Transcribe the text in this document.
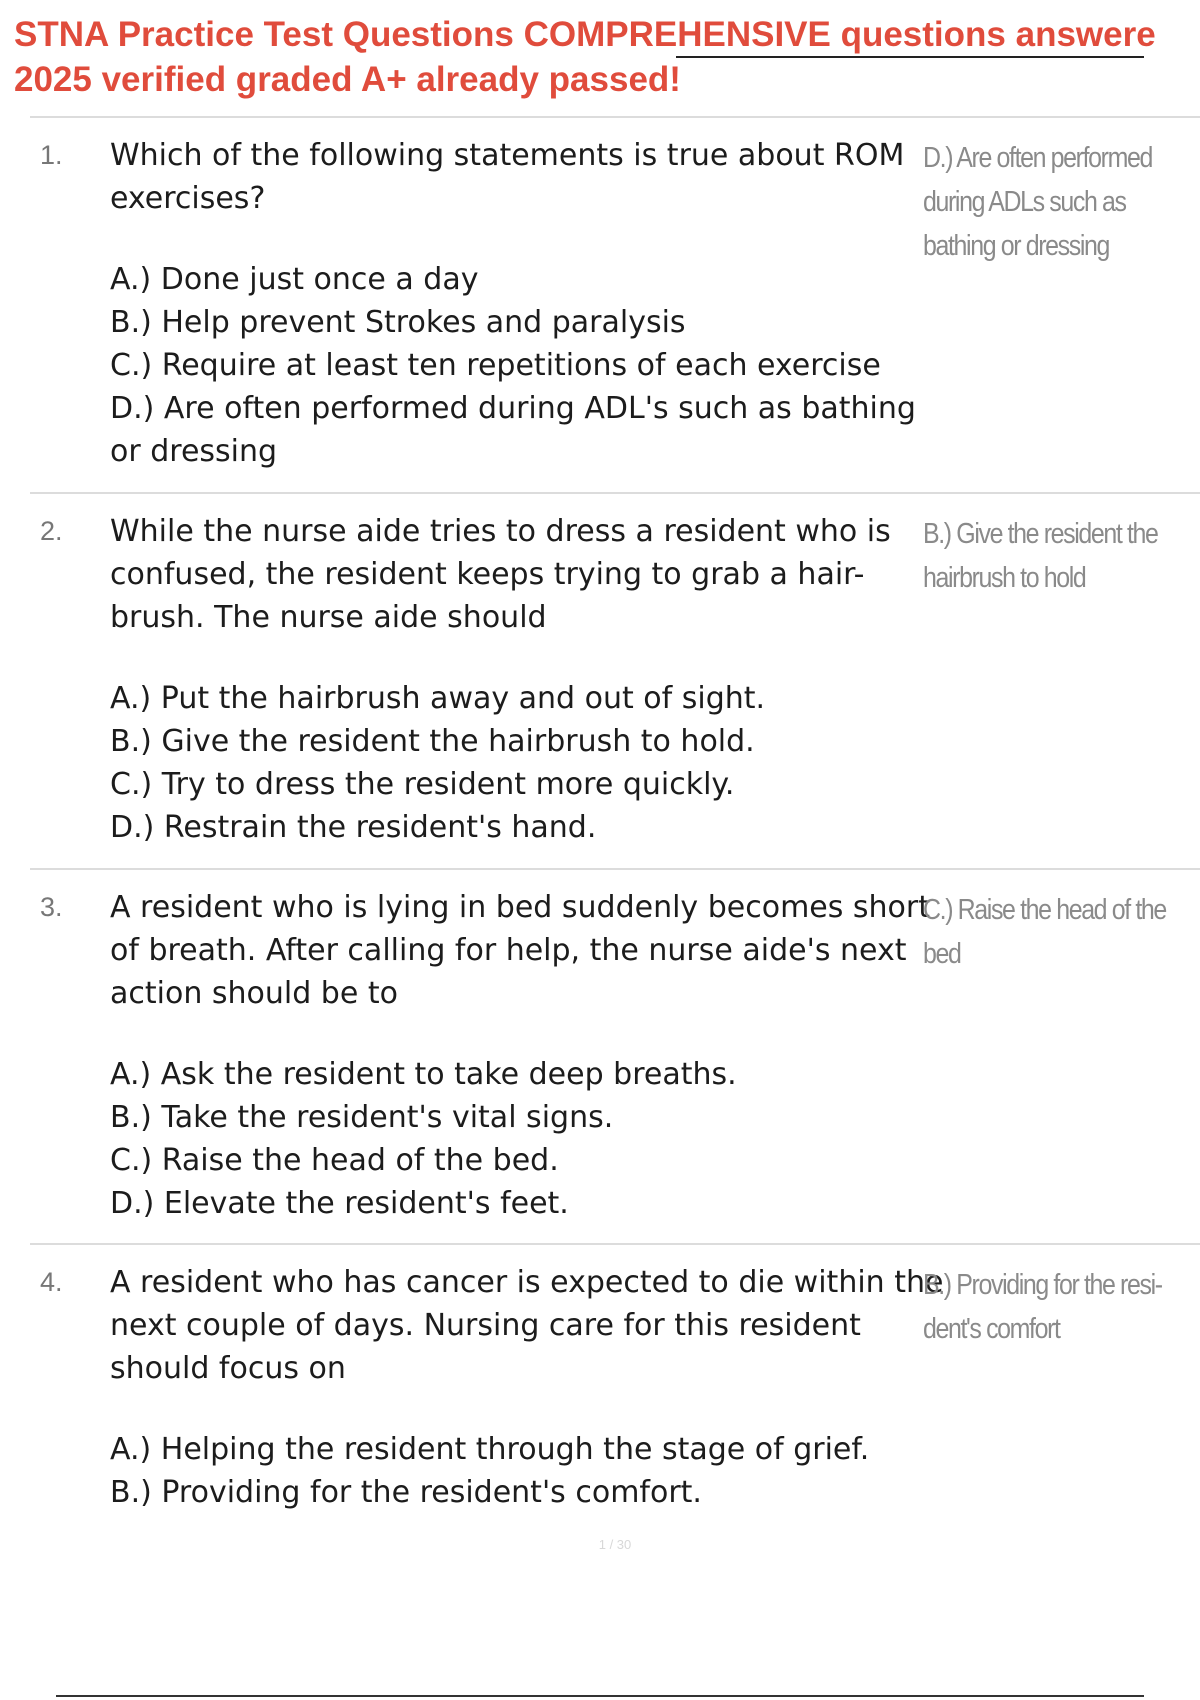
STNA Practice Test Questions COMPREHENSIVE questions answere
2025 verified graded A+ already passed!
1. Which of the following statements is true about ROM exercises?

A.) Done just once a day
B.) Help prevent Strokes and paralysis
C.) Require at least ten repetitions of each exercise
D.) Are often performed during ADL's such as bathing or dressing

D.) Are often performed during ADLs such as bathing or dressing

2. While the nurse aide tries to dress a resident who is confused, the resident keeps trying to grab a hair-brush. The nurse aide should

A.) Put the hairbrush away and out of sight.
B.) Give the resident the hairbrush to hold.
C.) Try to dress the resident more quickly.
D.) Restrain the resident's hand.

B.) Give the resident the hairbrush to hold

3. A resident who is lying in bed suddenly becomes short of breath. After calling for help, the nurse aide's next action should be to

A.) Ask the resident to take deep breaths.
B.) Take the resident's vital signs.
C.) Raise the head of the bed.
D.) Elevate the resident's feet.

C.) Raise the head of the bed

4. A resident who has cancer is expected to die within the next couple of days. Nursing care for this resident should focus on

A.) Helping the resident through the stage of grief.
B.) Providing for the resident's comfort.

B.) Providing for the resi- dent's comfort

1 / 30
